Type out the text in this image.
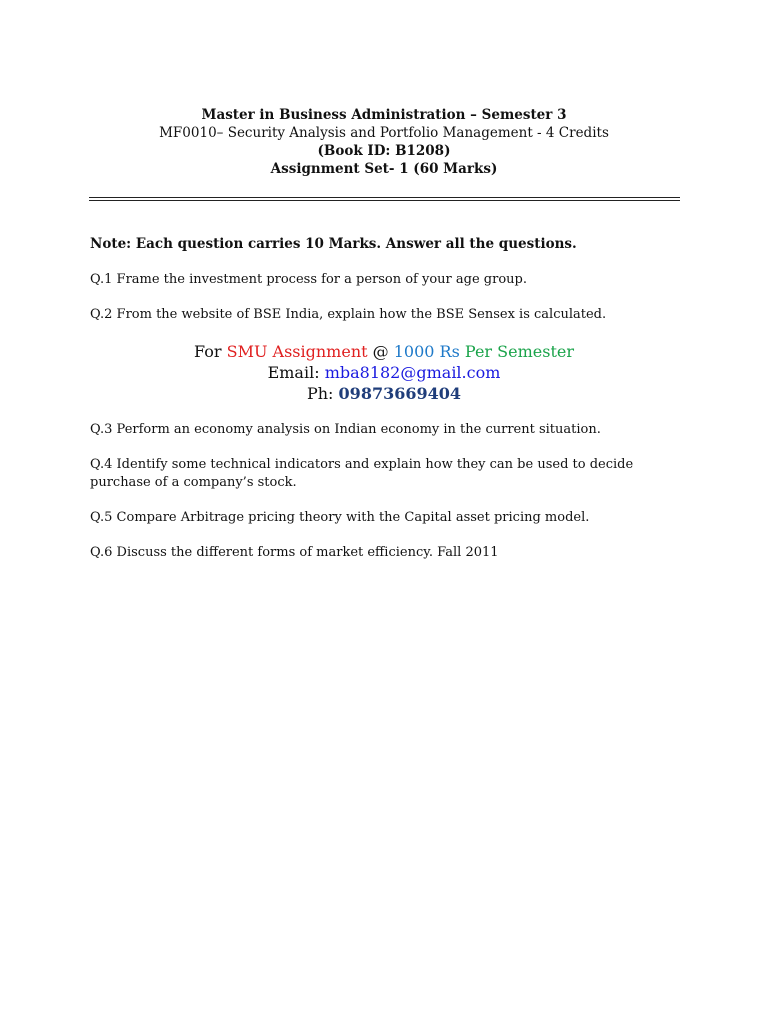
Master in Business Administration – Semester 3
MF0010– Security Analysis and Portfolio Management - 4 Credits
(Book ID: B1208)
Assignment Set- 1 (60 Marks)
Note: Each question carries 10 Marks. Answer all the questions.
Q.1 Frame the investment process for a person of your age group.
Q.2 From the website of BSE India, explain how the BSE Sensex is calculated.
For SMU Assignment @ 1000 Rs Per Semester
Email: mba8182@gmail.com
Ph: 09873669404
Q.3 Perform an economy analysis on Indian economy in the current situation.
Q.4 Identify some technical indicators and explain how they can be used to decide purchase of a company’s stock.
Q.5 Compare Arbitrage pricing theory with the Capital asset pricing model.
Q.6 Discuss the different forms of market efficiency. Fall 2011
